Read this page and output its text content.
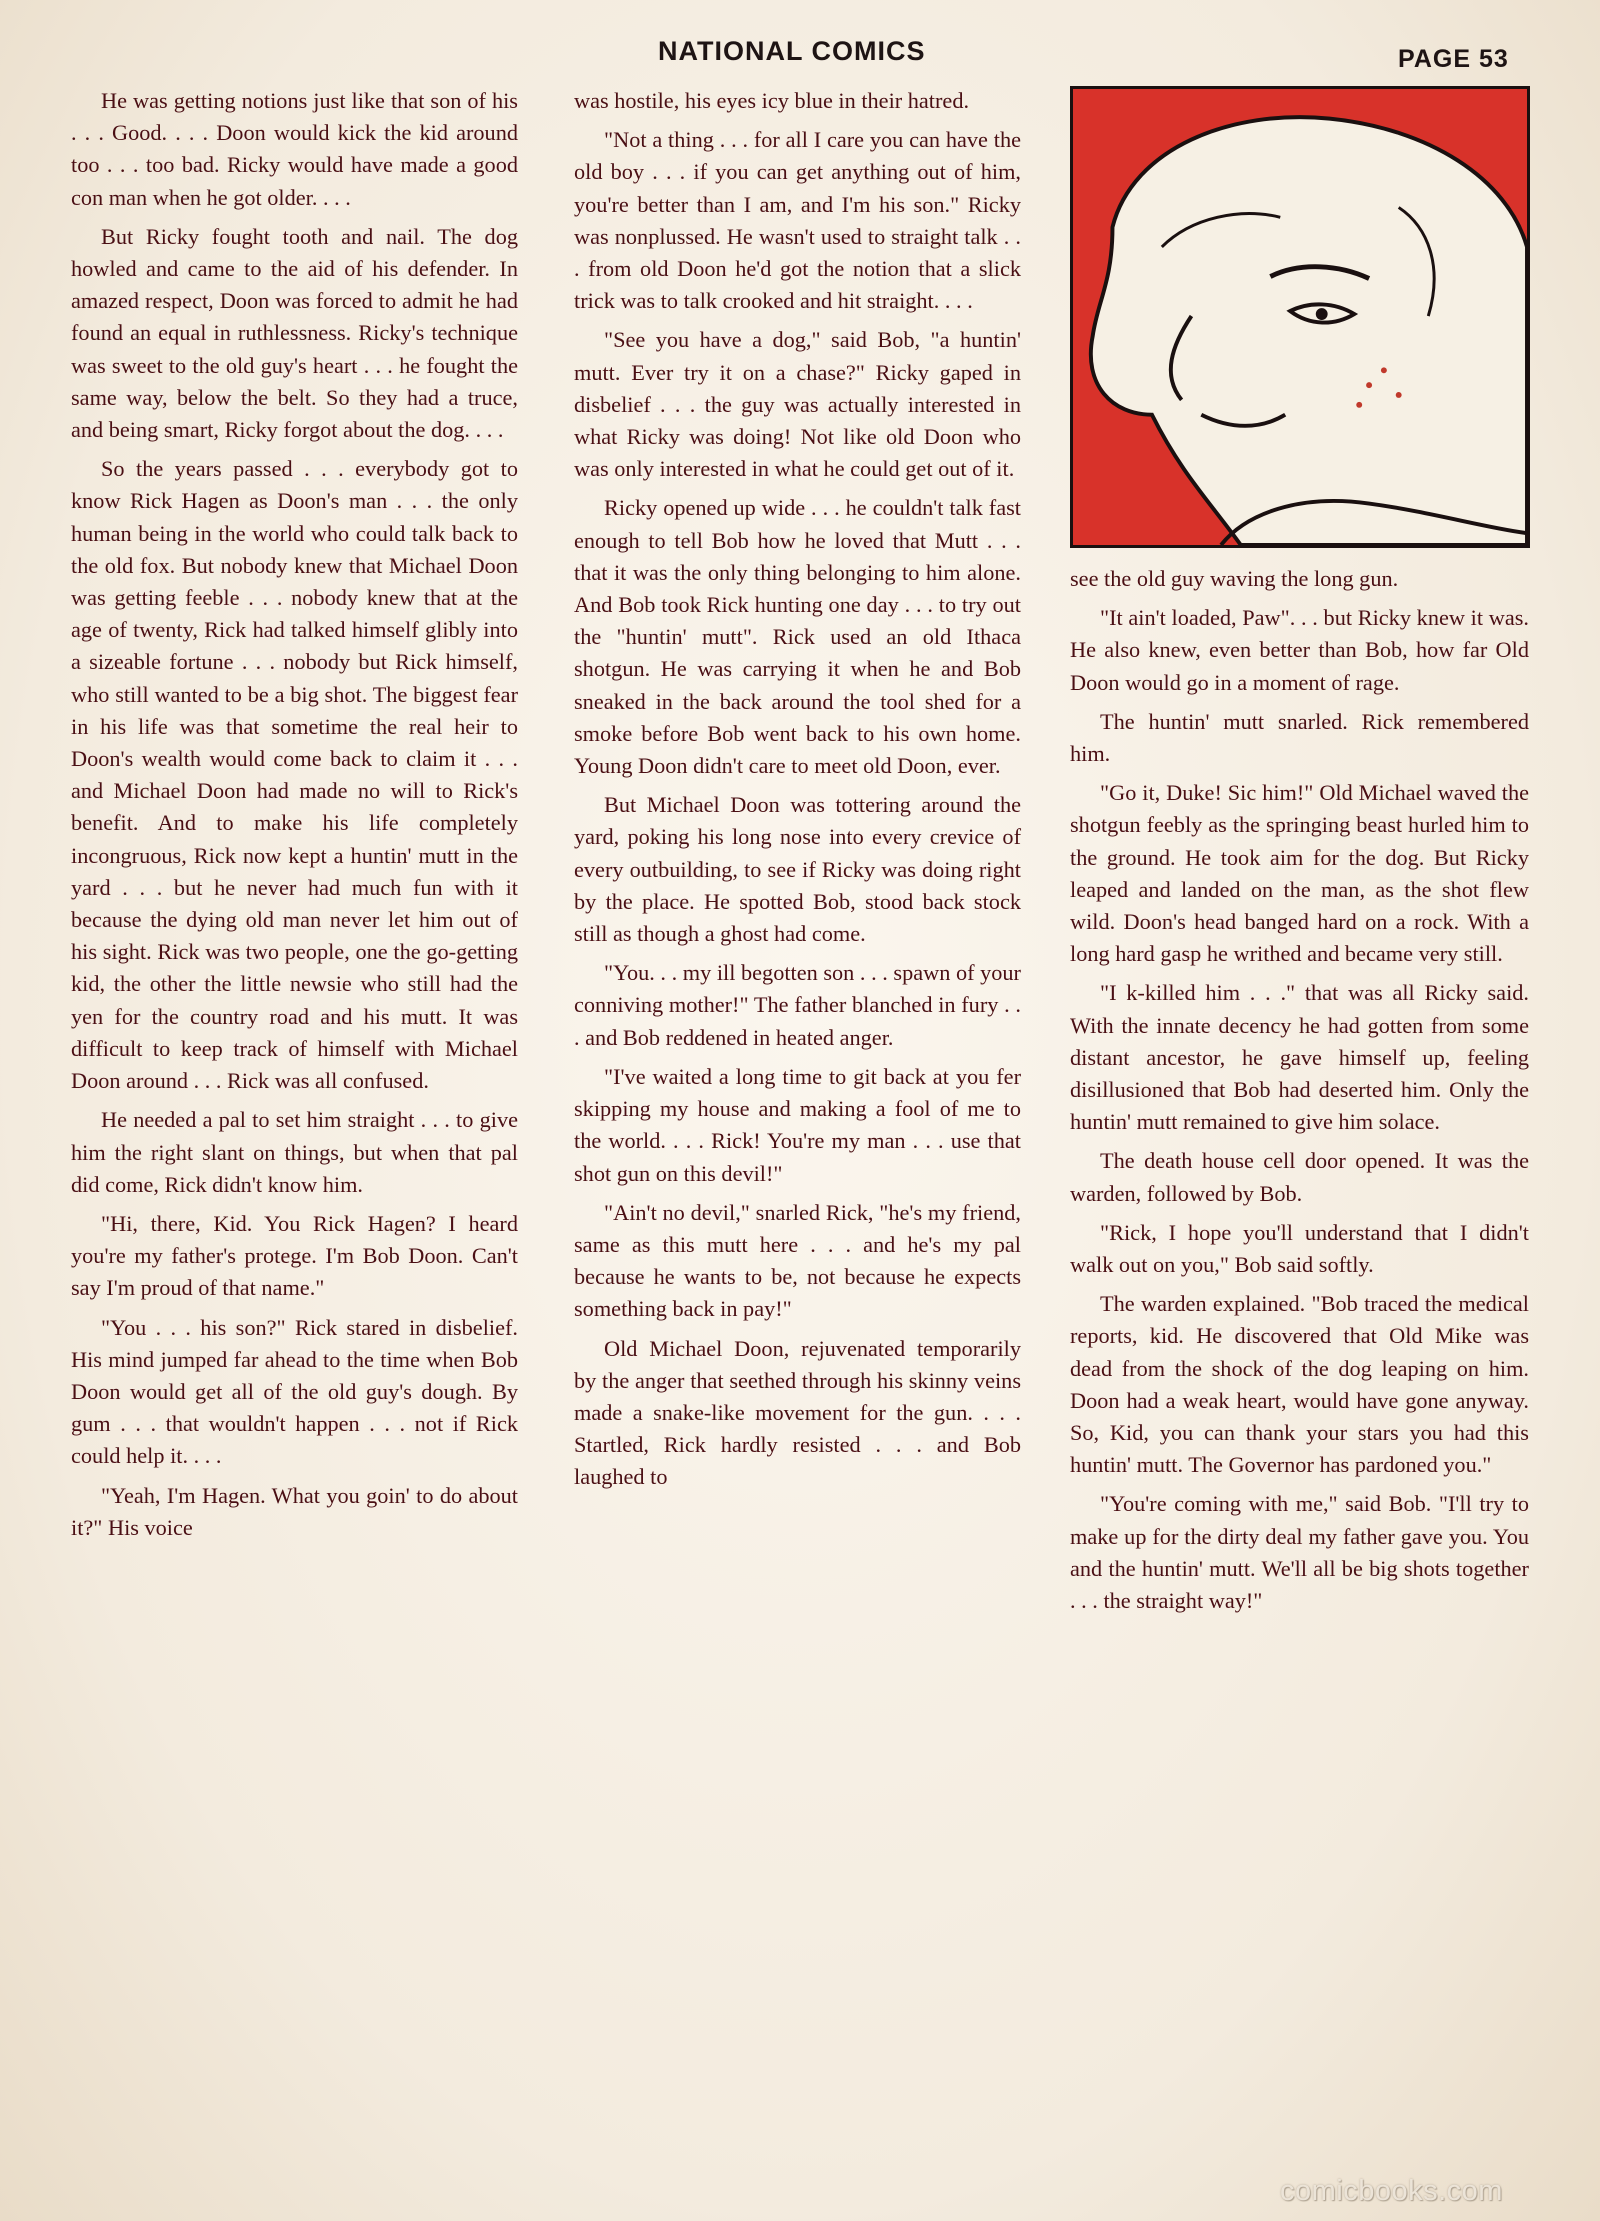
NATIONAL COMICS	PAGE 53

He was getting notions just like that son of his . . . Good. . . . Doon would kick the kid around too . . . too bad. Ricky would have made a good con man when he got older. . . .

But Ricky fought tooth and nail. The dog howled and came to the aid of his defender. In amazed respect, Doon was forced to admit he had found an equal in ruthlessness. Ricky's technique was sweet to the old guy's heart . . . he fought the same way, below the belt. So they had a truce, and being smart, Ricky forgot about the dog. . . .

So the years passed . . . everybody got to know Rick Hagen as Doon's man . . . the only human being in the world who could talk back to the old fox. But nobody knew that Michael Doon was getting feeble . . . nobody knew that at the age of twenty, Rick had talked himself glibly into a sizeable fortune . . . nobody but Rick himself, who still wanted to be a big shot. The biggest fear in his life was that sometime the real heir to Doon's wealth would come back to claim it . . . and Michael Doon had made no will to Rick's benefit. And to make his life completely incongruous, Rick now kept a huntin' mutt in the yard . . . but he never had much fun with it because the dying old man never let him out of his sight. Rick was two people, one the go-getting kid, the other the little newsie who still had the yen for the country road and his mutt. It was difficult to keep track of himself with Michael Doon around . . . Rick was all confused.

He needed a pal to set him straight . . . to give him the right slant on things, but when that pal did come, Rick didn't know him.

"Hi, there, Kid. You Rick Hagen? I heard you're my father's protege. I'm Bob Doon. Can't say I'm proud of that name."

"You . . . his son?" Rick stared in disbelief. His mind jumped far ahead to the time when Bob Doon would get all of the old guy's dough. By gum . . . that wouldn't happen . . . not if Rick could help it. . . .

"Yeah, I'm Hagen. What you goin' to do about it?" His voice

was hostile, his eyes icy blue in their hatred.

"Not a thing . . . for all I care you can have the old boy . . . if you can get anything out of him, you're better than I am, and I'm his son." Ricky was nonplussed. He wasn't used to straight talk . . . from old Doon he'd got the notion that a slick trick was to talk crooked and hit straight. . . .

"See you have a dog," said Bob, "a huntin' mutt. Ever try it on a chase?" Ricky gaped in disbelief . . . the guy was actually interested in what Ricky was doing! Not like old Doon who was only interested in what he could get out of it.

Ricky opened up wide . . . he couldn't talk fast enough to tell Bob how he loved that Mutt . . . that it was the only thing belonging to him alone. And Bob took Rick hunting one day . . . to try out the "huntin' mutt". Rick used an old Ithaca shotgun. He was carrying it when he and Bob sneaked in the back around the tool shed for a smoke before Bob went back to his own home. Young Doon didn't care to meet old Doon, ever.

But Michael Doon was tottering around the yard, poking his long nose into every crevice of every outbuilding, to see if Ricky was doing right by the place. He spotted Bob, stood back stock still as though a ghost had come.

"You. . . my ill begotten son . . . spawn of your conniving mother!" The father blanched in fury . . . and Bob reddened in heated anger.

"I've waited a long time to git back at you fer skipping my house and making a fool of me to the world. . . . Rick! You're my man . . . use that shot gun on this devil!"

"Ain't no devil," snarled Rick, "he's my friend, same as this mutt here . . . and he's my pal because he wants to be, not because he expects something back in pay!"

Old Michael Doon, rejuvenated temporarily by the anger that seethed through his skinny veins made a snake-like movement for the gun. . . . Startled, Rick hardly resisted . . . and Bob laughed to

see the old guy waving the long gun.

"It ain't loaded, Paw". . . but Ricky knew it was. He also knew, even better than Bob, how far Old Doon would go in a moment of rage.

The huntin' mutt snarled. Rick remembered him.

"Go it, Duke! Sic him!" Old Michael waved the shotgun feebly as the springing beast hurled him to the ground. He took aim for the dog. But Ricky leaped and landed on the man, as the shot flew wild. Doon's head banged hard on a rock. With a long hard gasp he writhed and became very still.

"I k-killed him . . ." that was all Ricky said. With the innate decency he had gotten from some distant ancestor, he gave himself up, feeling disillusioned that Bob had deserted him. Only the huntin' mutt remained to give him solace.

The death house cell door opened. It was the warden, followed by Bob.

"Rick, I hope you'll understand that I didn't walk out on you," Bob said softly.

The warden explained. "Bob traced the medical reports, kid. He discovered that Old Mike was dead from the shock of the dog leaping on him. Doon had a weak heart, would have gone anyway. So, Kid, you can thank your stars you had this huntin' mutt. The Governor has pardoned you."

"You're coming with me," said Bob. "I'll try to make up for the dirty deal my father gave you. You and the huntin' mutt. We'll all be big shots together . . . the straight way!"

comicbooks.com
